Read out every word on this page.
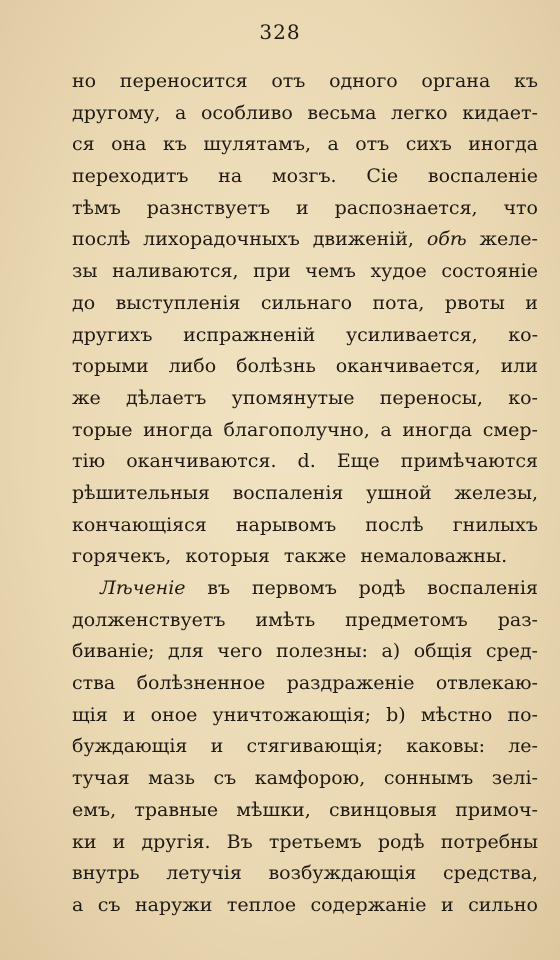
328
но переносится отъ одного органа къ
другому, а особливо весьма легко кидает-
ся она къ шулятамъ, а отъ сихъ иногда
переходитъ на мозгъ. Сіе воспаленіе
тѣмъ разнствуетъ и распознается, что
послѣ лихорадочныхъ движеній, обѣ желе-
зы наливаются, при чемъ худое состояніе
до выступленія сильнаго пота, рвоты и
другихъ испражненій усиливается, ко-
торыми либо болѣзнь оканчивается, или
же дѣлаетъ упомянутые переносы, ко-
торые иногда благополучно, а иногда смер-
тію оканчиваются. d. Еще примѣчаются
рѣшительныя воспаленія ушной железы,
кончающіяся нарывомъ послѣ гнилыхъ
горячекъ, которыя также немаловажны.
Лѣченіе въ первомъ родѣ воспаленія
долженствуетъ имѣть предметомъ раз-
биваніе; для чего полезны: a) общія сред-
ства болѣзненное раздраженіе отвлекаю-
щія и оное уничтожающія; b) мѣстно по-
буждающія и стягивающія; каковы: ле-
тучая мазь съ камфорою, соннымъ зелі-
емъ, травные мѣшки, свинцовыя примоч-
ки и другія. Въ третьемъ родѣ потребны
внутрь летучія возбуждающія средства,
а съ наружи теплое содержаніе и сильно
